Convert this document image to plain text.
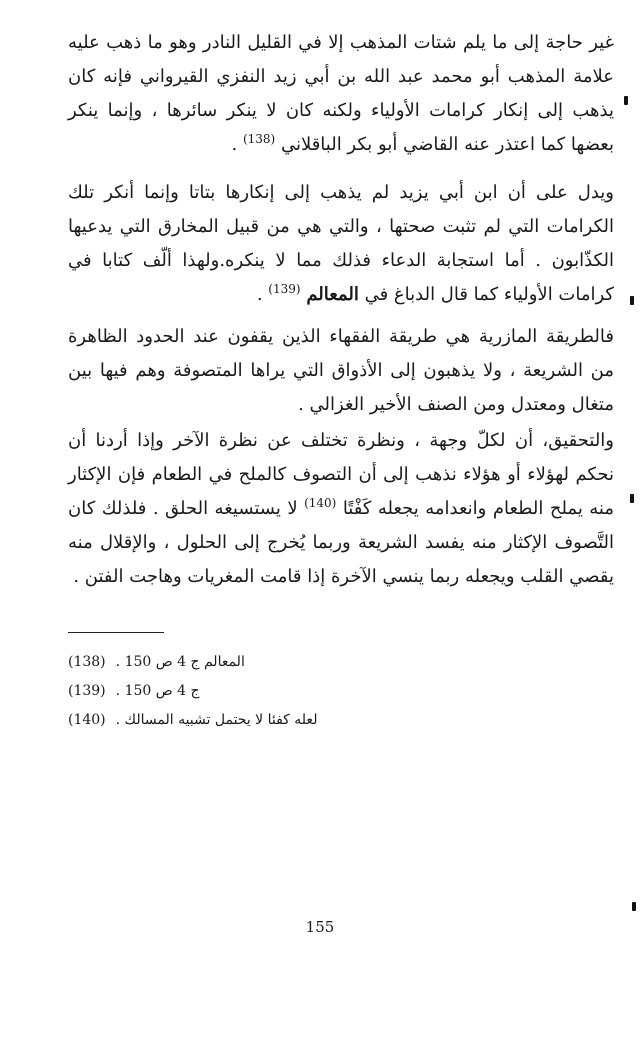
غير حاجة إلى ما يلم شتات المذهب إلا في القليل النادر وهو ما ذهب عليه علامة المذهب أبو محمد عبد الله بن أبي زيد النفزي القيرواني فإنه كان يذهب إلى إنكار كرامات الأولياء ولكنه كان لا ينكر سائرها ، وإنما ينكر بعضها كما اعتذر عنه القاضي أبو بكر الباقلاني $^{(138)}$ .

ويدل على أن ابن أبي يزيد لم يذهب إلى إنكارها بتاتا وإنما أنكر تلك الكرامات التي لم تثبت صحتها ، والتي هي من قبيل المخارق التي يدعيها الكذّابون . أما استجابة الدعاء فذلك مما لا ينكره.ولهذا ألّف كتابا في كرامات الأولياء كما قال الدباغ في المعالم $^{(139)}$ .

فالطريقة المازرية هي طريقة الفقهاء الذين يقفون عند الحدود الظاهرة من الشريعة ، ولا يذهبون إلى الأذواق التي يراها المتصوفة وهم فيها بين متغال ومعتدل ومن الصنف الأخير الغزالي .

والتحقيق، أن لكلّ وجهة ، ونظرة تختلف عن نظرة الآخر وإذا أردنا أن نحكم لهؤلاء أو هؤلاء نذهب إلى أن التصوف كالملح في الطعام فإن الإكثار منه يملح الطعام وانعدامه يجعله كَفْتًا $^{(140)}$ لا يستسيغه الحلق . فلذلك كان التَّصوف الإكثار منه يفسد الشريعة وربما يُخرج إلى الحلول ، والإقلال منه يقصي القلب ويجعله ربما ينسي الآخرة إذا قامت المغريات وهاجت الفتن .

(138) المعالم ج 4 ص 150 .
(139) ج 4 ص 150 .
(140) لعله كفئا لا يحتمل تشبيه المسالك .
155
